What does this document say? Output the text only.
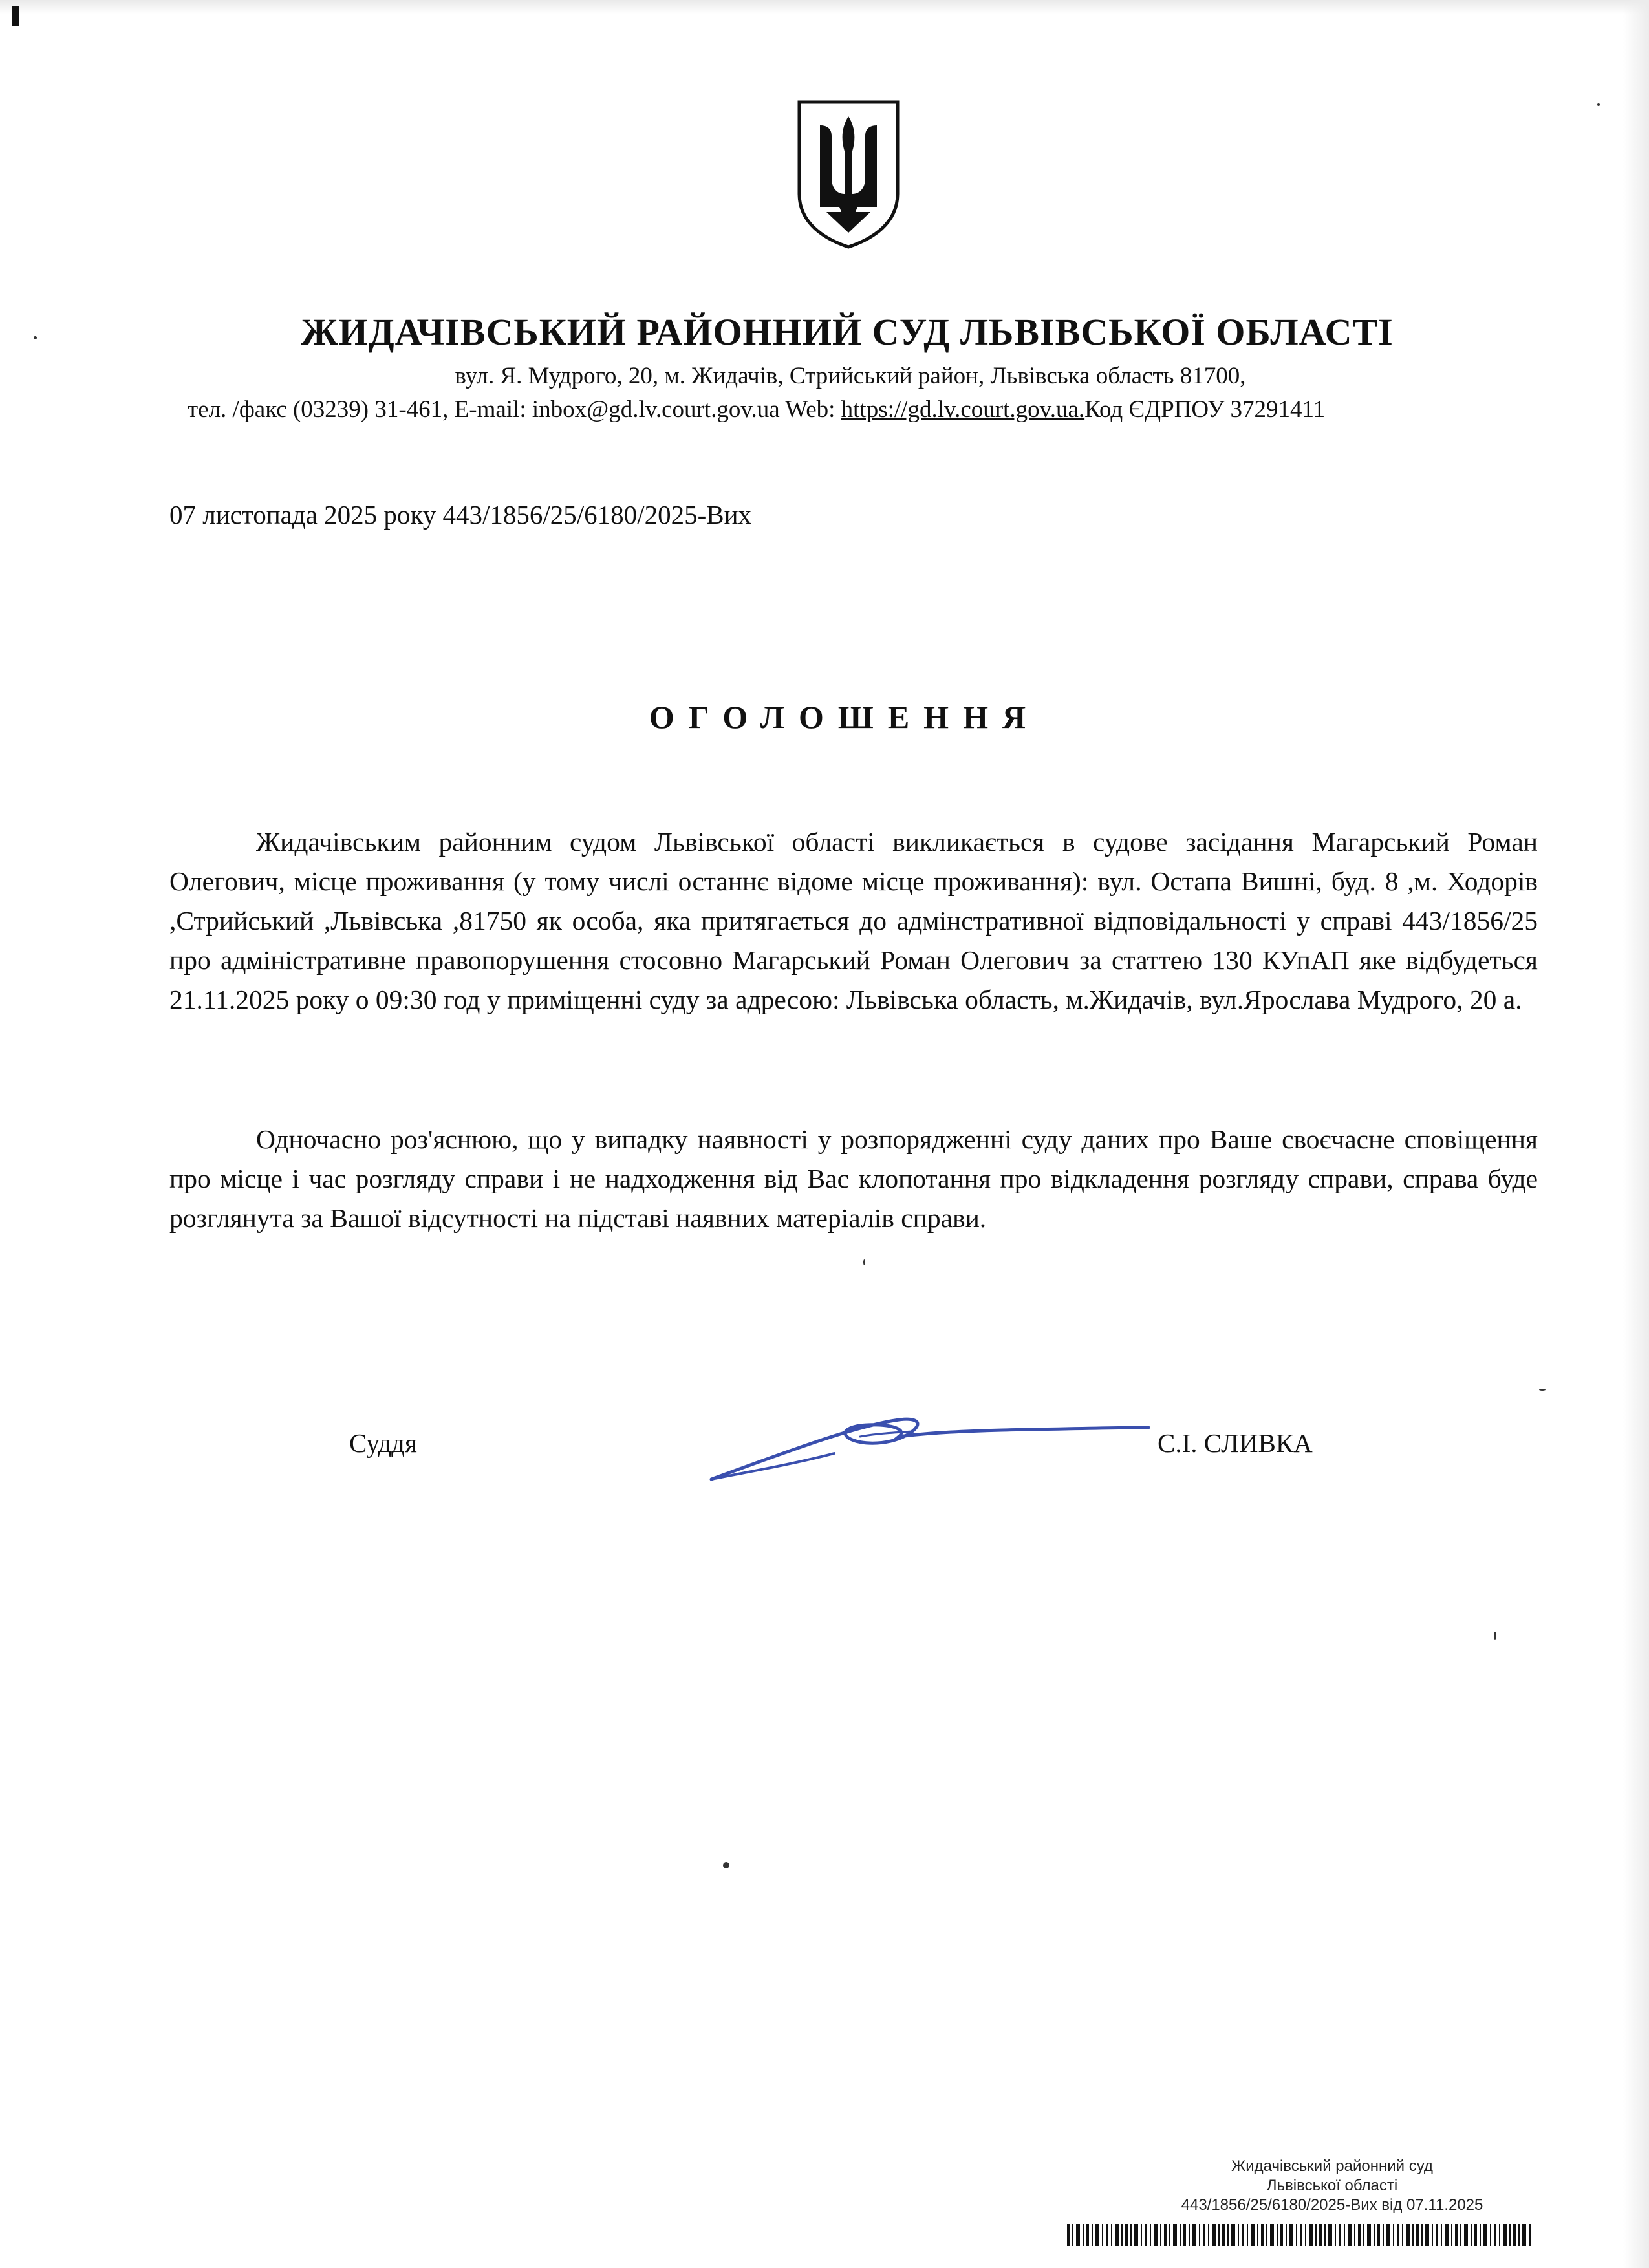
ЖИДАЧІВСЬКИЙ РАЙОННИЙ СУД ЛЬВІВСЬКОЇ ОБЛАСТІ
вул. Я. Мудрого, 20, м. Жидачів, Стрийський район, Львівська область 81700,
тел. /факс (03239) 31-461, E-mail: inbox@gd.lv.court.gov.ua Web: https://gd.lv.court.gov.ua.Код ЄДРПОУ 37291411
07 листопада 2025 року 443/1856/25/6180/2025-Вих
ОГОЛОШЕННЯ
Жидачівським районним судом Львівської області викликається в судове засідання Магарський Роман Олегович, місце проживання (у тому числі останнє відоме місце проживання): вул. Остапа Вишні, буд. 8 ,м. Ходорів ,Стрийський ,Львівська ,81750 як особа, яка притягається до адмінстративної відповідальності у справі 443/1856/25 про адміністративне правопорушення стосовно Магарський Роман Олегович за статтею 130 КУпАП яке відбудеться 21.11.2025 року о 09:30 год у приміщенні суду за адресою: Львівська область, м.Жидачів, вул.Ярослава Мудрого, 20 а.
Одночасно роз'яснюю, що у випадку наявності у розпорядженні суду даних про Ваше своєчасне сповіщення про місце і час розгляду справи і не надходження від Вас клопотання про відкладення розгляду справи, справа буде розглянута за Вашої відсутності на підставі наявних матеріалів справи.
Суддя	С.І. СЛИВКА
Жидачівський районний суд
Львівської області
443/1856/25/6180/2025-Вих від 07.11.2025
